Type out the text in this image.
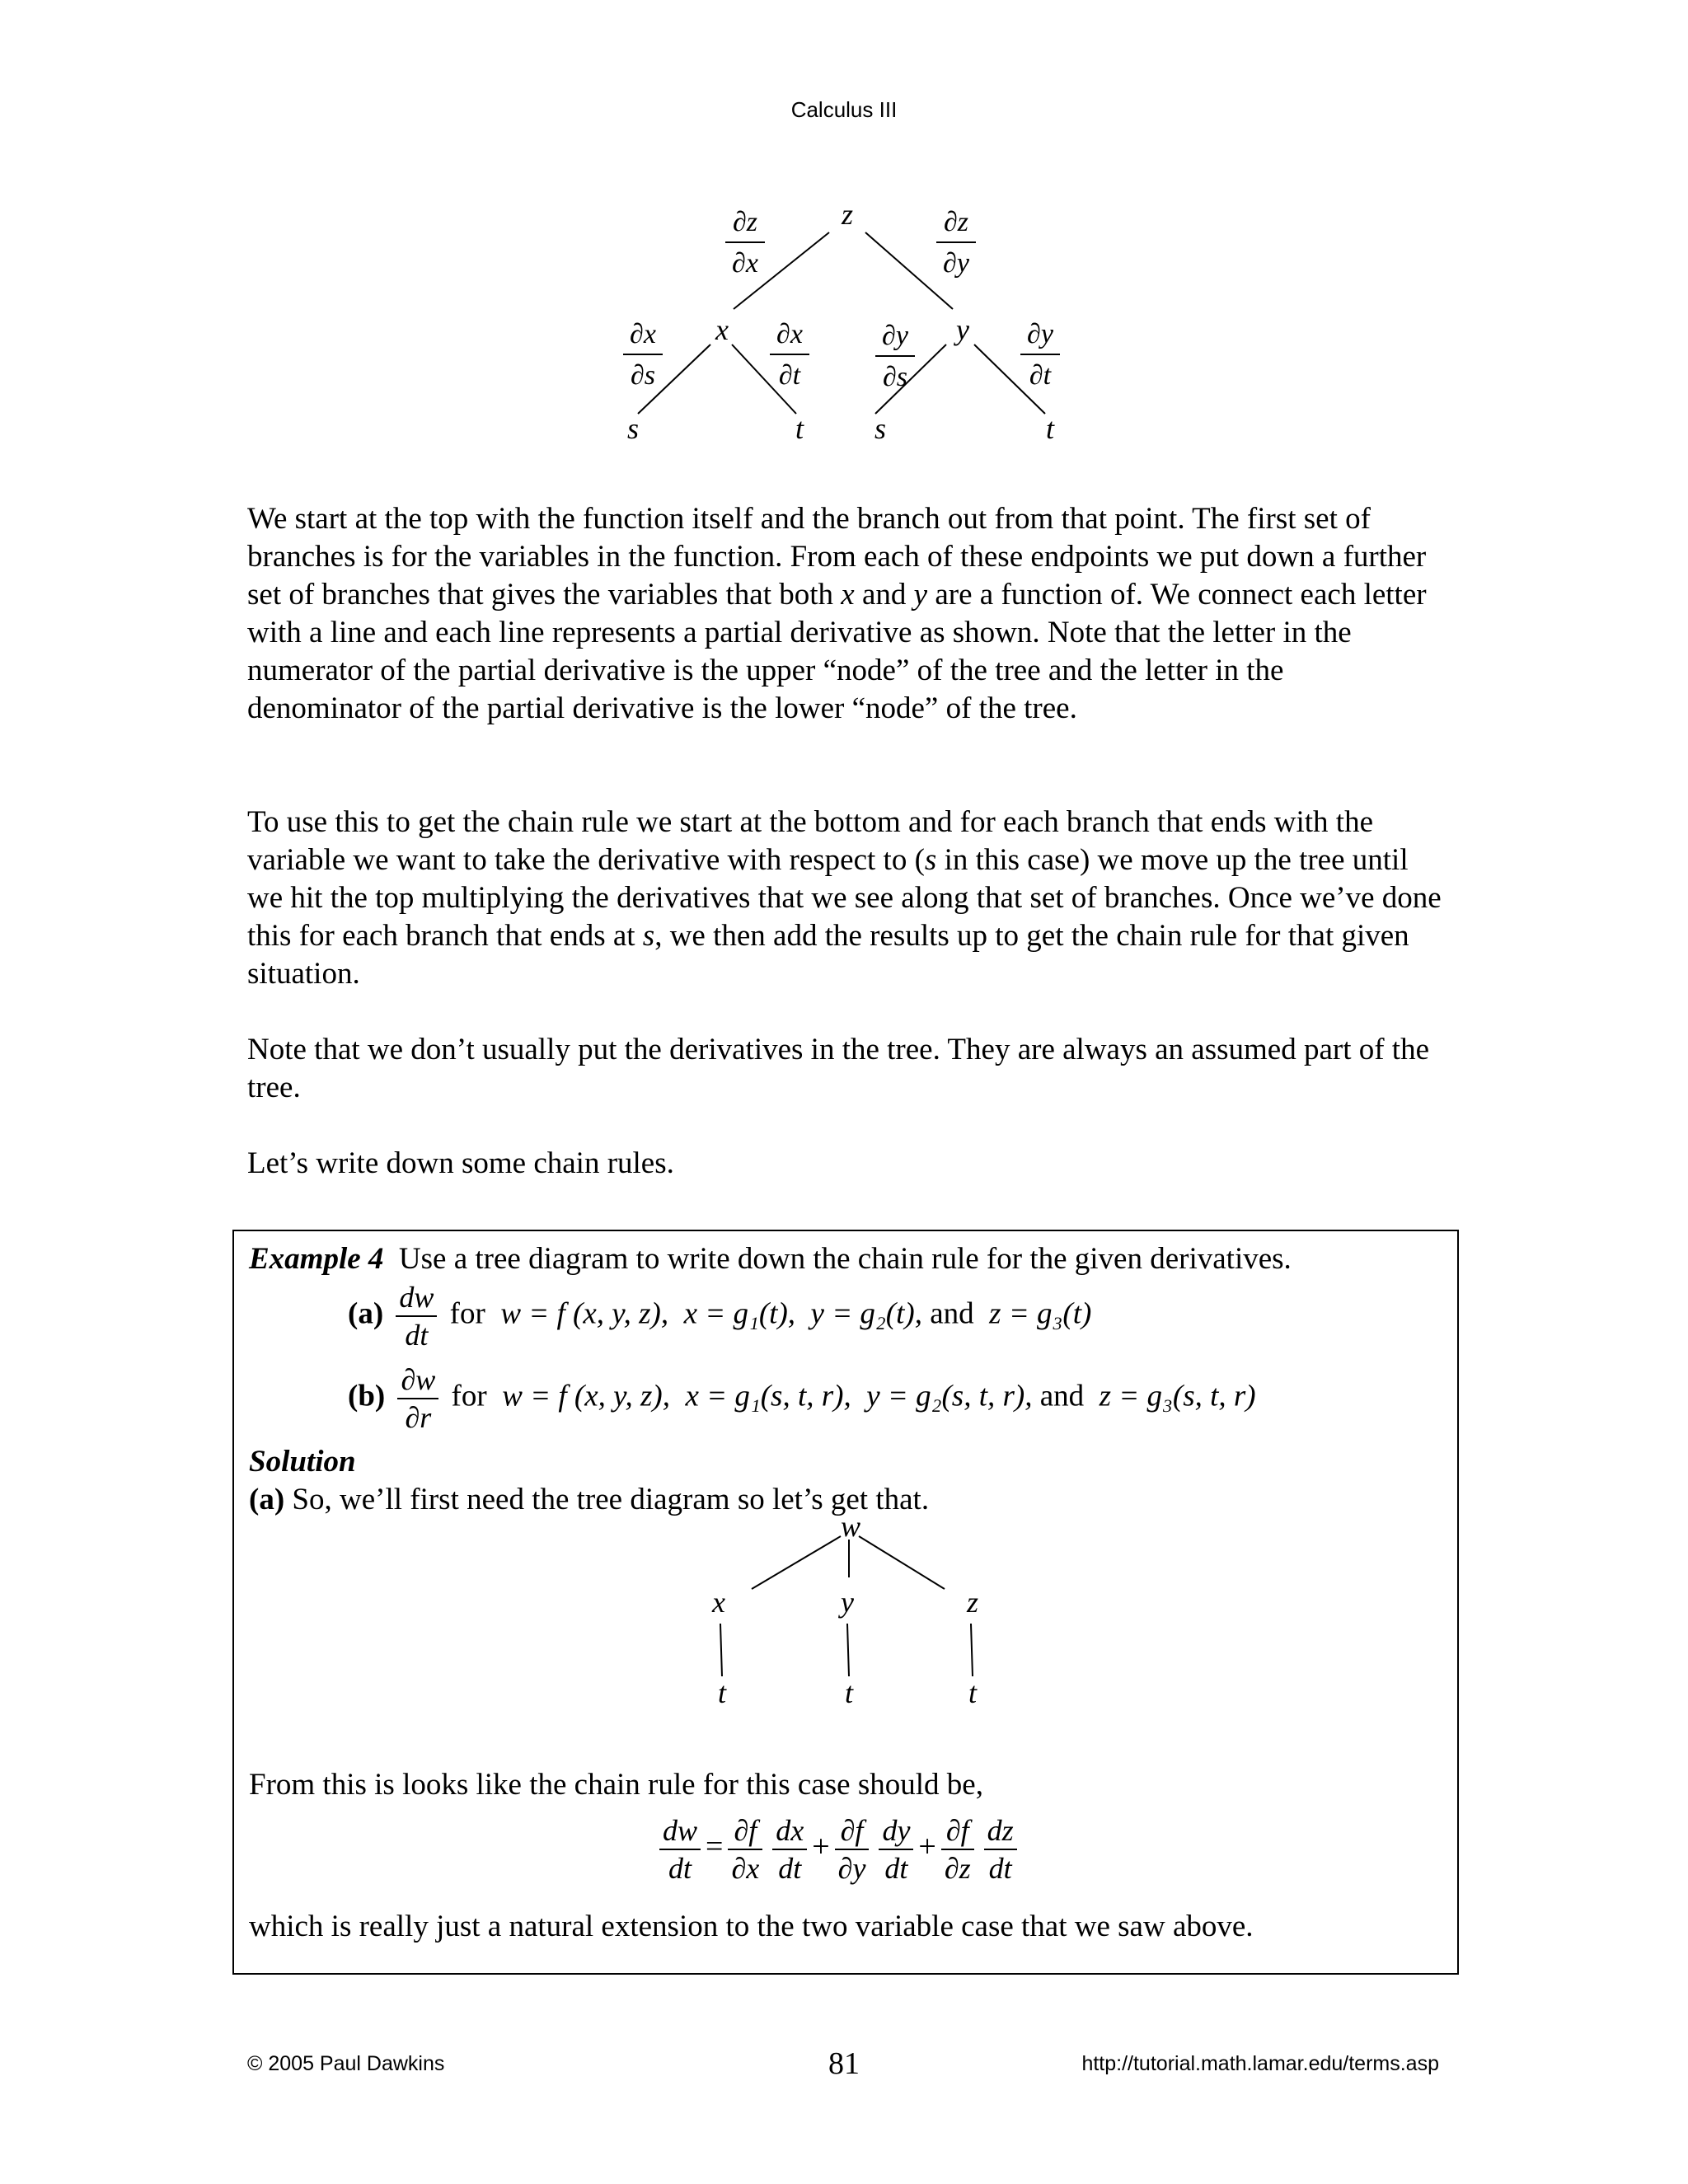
Calculus III
z
x	y
s	t s	t
∂z
∂x
∂z
∂y
∂x
∂s
∂x
∂t
∂y
∂s
∂y
∂t

We start at the top with the function itself and the branch out from that point. The first set of branches is for the variables in the function. From each of these endpoints we put down a further set of branches that gives the variables that both x and y are a function of. We connect each letter with a line and each line represents a partial derivative as shown. Note that the letter in the numerator of the partial derivative is the upper “node” of the tree and the letter in the denominator of the partial derivative is the lower “node” of the tree.

To use this to get the chain rule we start at the bottom and for each branch that ends with the variable we want to take the derivative with respect to (s in this case) we move up the tree until we hit the top multiplying the derivatives that we see along that set of branches. Once we’ve done this for each branch that ends at s, we then add the results up to get the chain rule for that given situation.

Note that we don’t usually put the derivatives in the tree. They are always an assumed part of the tree.

Let’s write down some chain rules.

Example 4 Use a tree diagram to write down the chain rule for the given derivatives.
$(a) \frac{dw}{dt}$ for w = f (x, y, z), x = g₁(t), y = g₂(t), and z = g₃(t)
$(b) \frac{\partial w}{\partial r}$ for w = f (x, y, z), x = g₁(s, t, r), y = g₂(s, t, r), and z = g₃(s, t, r)
Solution
(a) So, we’ll first need the tree diagram so let’s get that.
w
x	y	z
t	t	t
From this is looks like the chain rule for this case should be,
$\frac{dw}{dt} = \frac{\partial f}{\partial x} \frac{dx}{dt} + \frac{\partial f}{\partial y} \frac{dy}{dt} + \frac{\partial f}{\partial z} \frac{dz}{dt}$
which is really just a natural extension to the two variable case that we saw above.
© 2005 Paul Dawkins	81	http://tutorial.math.lamar.edu/terms.asp
